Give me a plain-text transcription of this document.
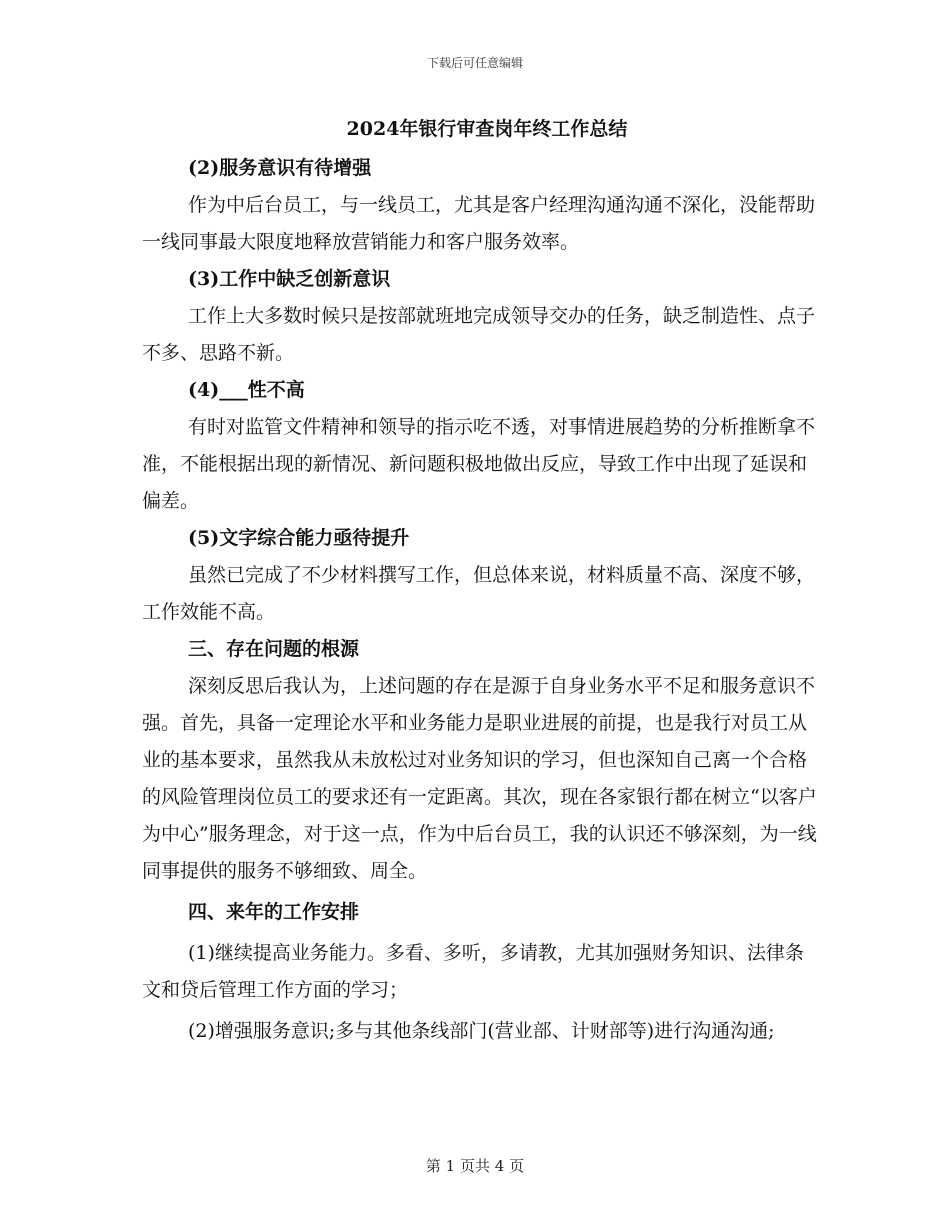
下载后可任意编辑
2024年银行审查岗年终工作总结

(2)服务意识有待增强

作为中后台员工，与一线员工，尤其是客户经理沟通沟通不深化，没能帮助一线同事最大限度地释放营销能力和客户服务效率。

(3)工作中缺乏创新意识

工作上大多数时候只是按部就班地完成领导交办的任务，缺乏制造性、点子不多、思路不新。

(4)___性不高

有时对监管文件精神和领导的指示吃不透，对事情进展趋势的分析推断拿不准，不能根据出现的新情况、新问题积极地做出反应，导致工作中出现了延误和偏差。

(5)文字综合能力亟待提升

虽然已完成了不少材料撰写工作，但总体来说，材料质量不高、深度不够，工作效能不高。

三、存在问题的根源

深刻反思后我认为，上述问题的存在是源于自身业务水平不足和服务意识不强。首先，具备一定理论水平和业务能力是职业进展的前提，也是我行对员工从业的基本要求，虽然我从未放松过对业务知识的学习，但也深知自己离一个合格的风险管理岗位员工的要求还有一定距离。其次，现在各家银行都在树立“以客户为中心”服务理念，对于这一点，作为中后台员工，我的认识还不够深刻，为一线同事提供的服务不够细致、周全。

四、来年的工作安排

(1)继续提高业务能力。多看、多听，多请教，尤其加强财务知识、法律条文和贷后管理工作方面的学习；

(2)增强服务意识;多与其他条线部门(营业部、计财部等)进行沟通沟通;

第 1 页共 4 页
